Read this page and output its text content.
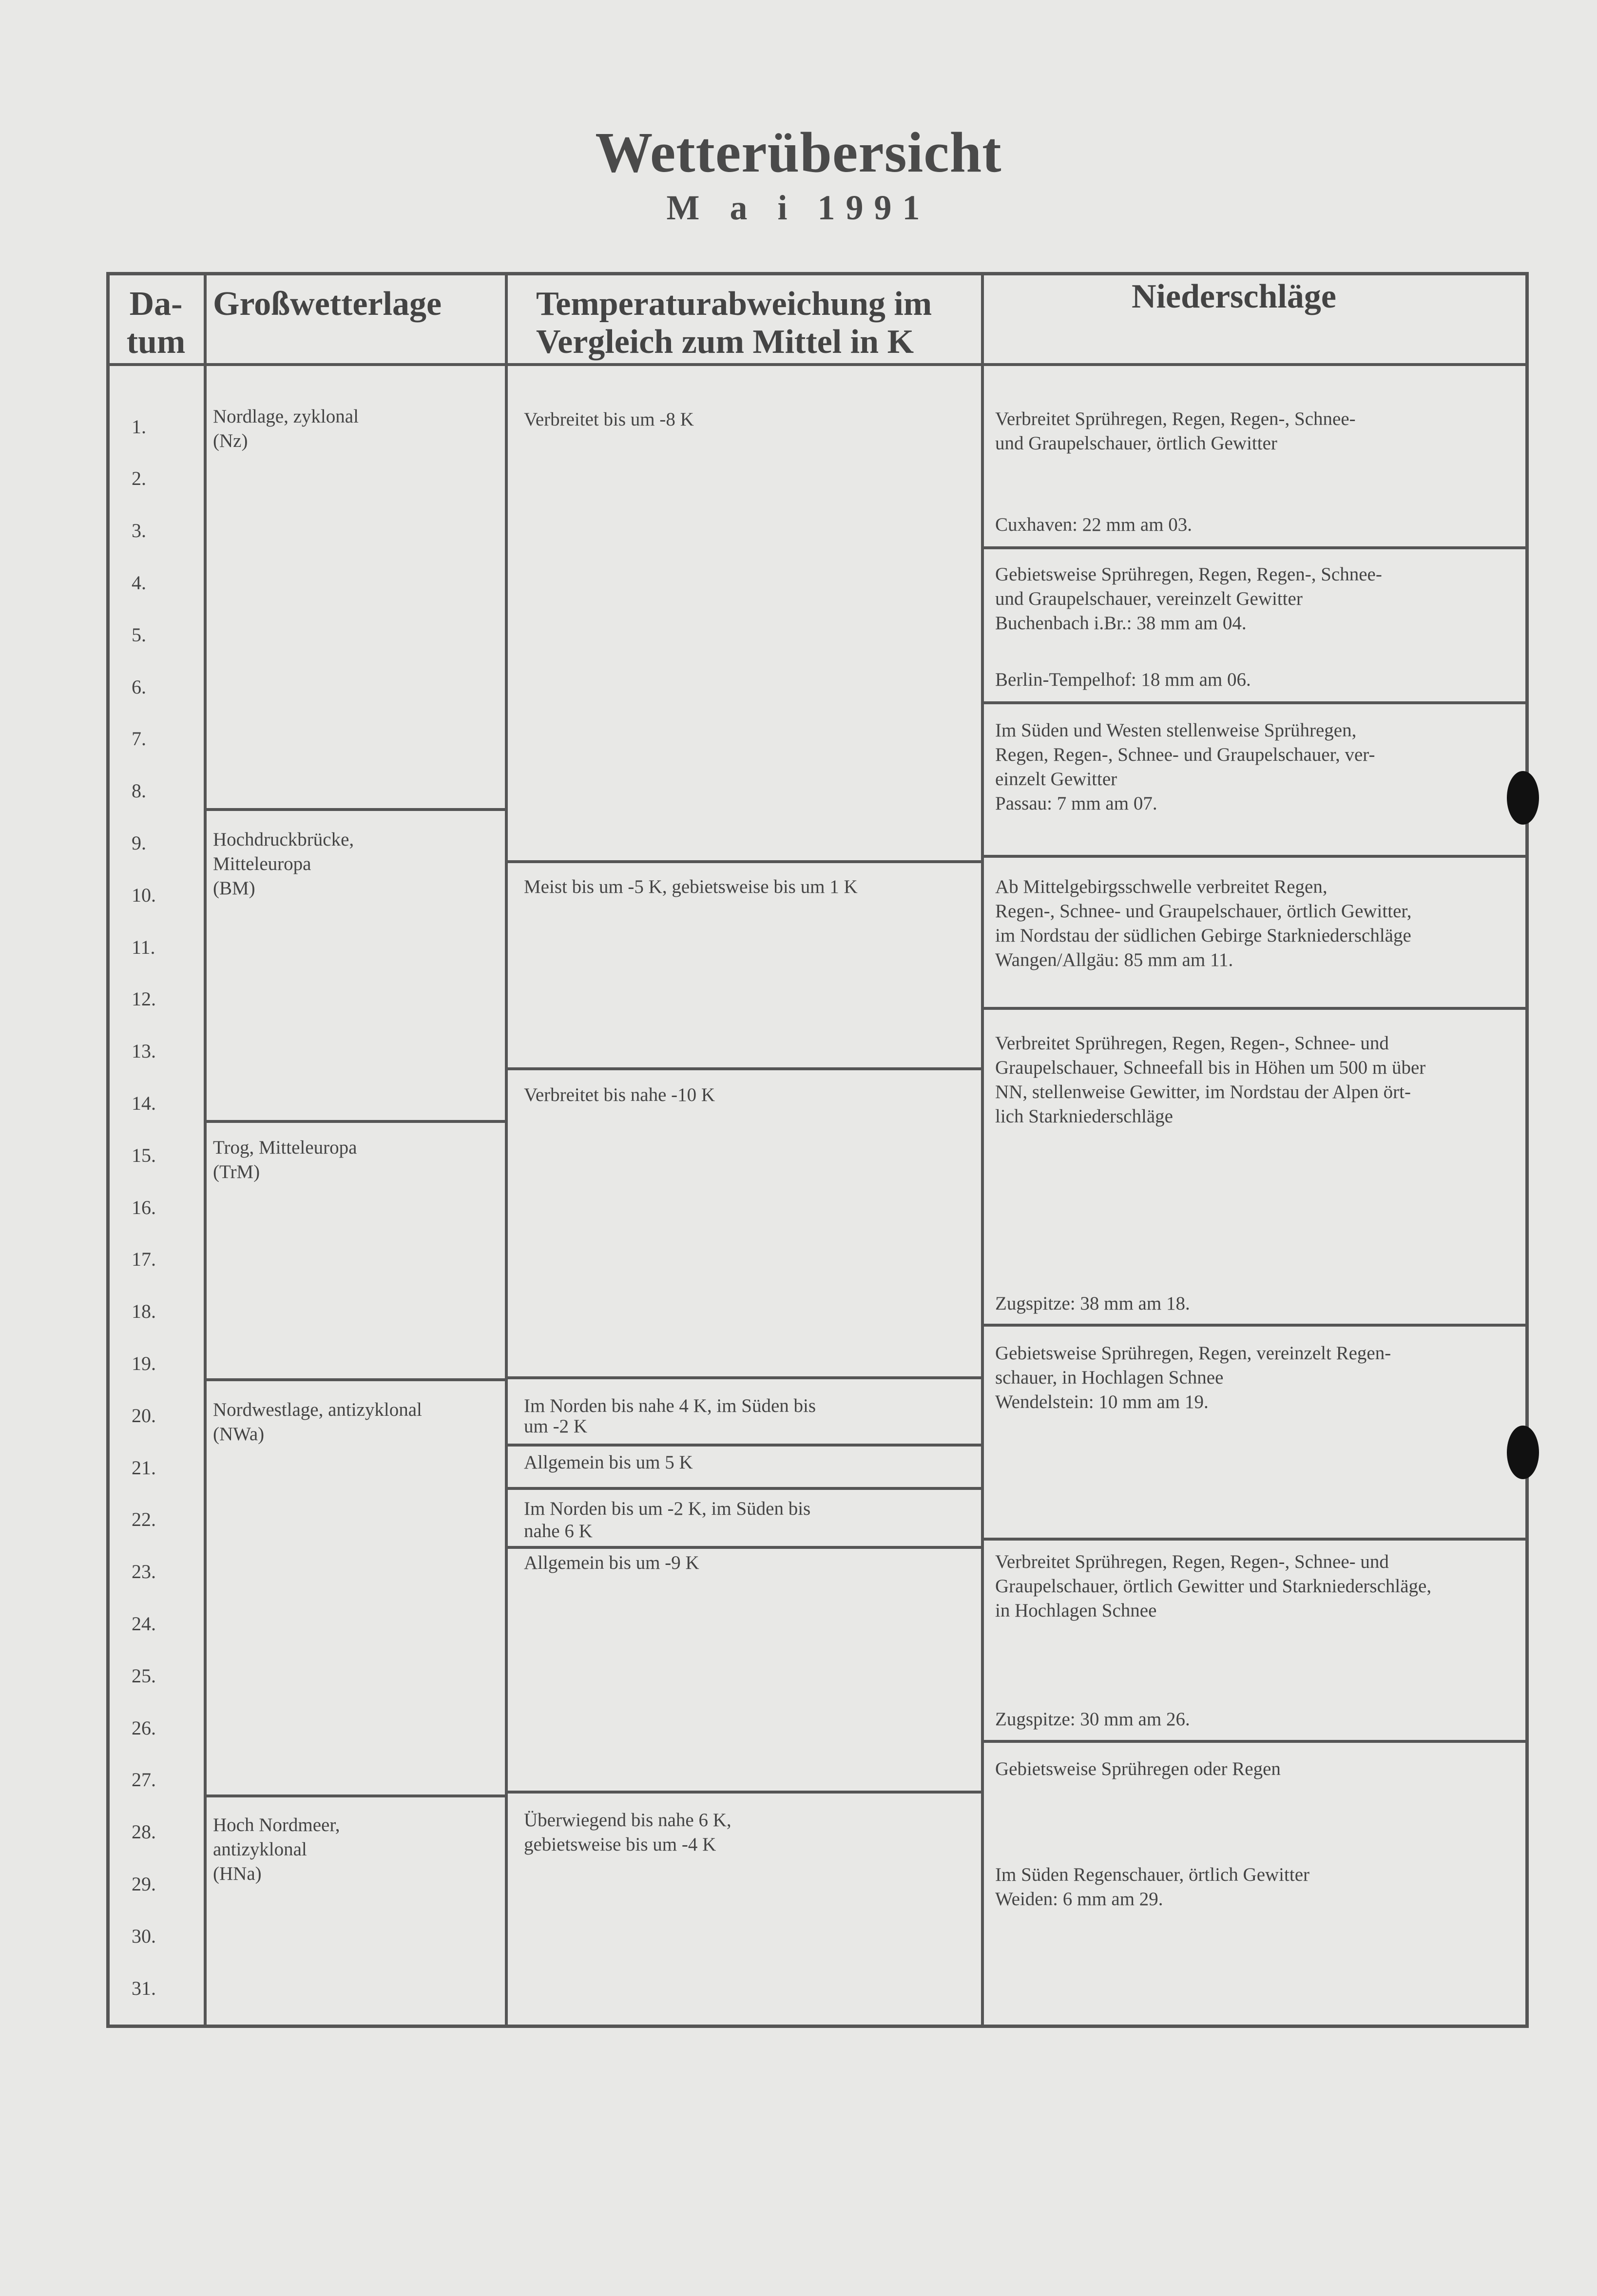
Wetterübersicht
M a i 1991
Da-
tum
Großwetterlage	Temperaturabweichung im
Vergleich zum Mittel in K
Niederschläge
1.
2.
3.
4.
5.
6.
7.
8.
9.
10.
11.
12.
13.
14.
15.
16.
17.
18.
19.
20.
21.
22.
23.
24.
25.
26.
27.
28.
29.
30.
31.
Nordlage, zyklonal
(Nz)
Hochdruckbrücke,
Mitteleuropa
(BM)
Trog, Mitteleuropa
(TrM)
Nordwestlage, antizyklonal
(NWa)
Hoch Nordmeer,
antizyklonal
(HNa)
Verbreitet bis um -8 K
Meist bis um -5 K, gebietsweise bis um 1 K
Verbreitet bis nahe -10 K
Im Norden bis nahe 4 K, im Süden bis
um -2 K
Allgemein bis um 5 K
Im Norden bis um -2 K, im Süden bis
nahe 6 K
Allgemein bis um -9 K
Überwiegend bis nahe 6 K,
gebietsweise bis um -4 K
Verbreitet Sprühregen, Regen, Regen-, Schnee-
und Graupelschauer, örtlich Gewitter
Cuxhaven: 22 mm am 03.
Gebietsweise Sprühregen, Regen, Regen-, Schnee-
und Graupelschauer, vereinzelt Gewitter
Buchenbach i.Br.: 38 mm am 04.
Berlin-Tempelhof: 18 mm am 06.
Im Süden und Westen stellenweise Sprühregen,
Regen, Regen-, Schnee- und Graupelschauer, ver-
einzelt Gewitter
Passau: 7 mm am 07.
Ab Mittelgebirgsschwelle verbreitet Regen,
Regen-, Schnee- und Graupelschauer, örtlich Gewitter,
im Nordstau der südlichen Gebirge Starkniederschläge
Wangen/Allgäu: 85 mm am 11.
Verbreitet Sprühregen, Regen, Regen-, Schnee- und
Graupelschauer, Schneefall bis in Höhen um 500 m über
NN, stellenweise Gewitter, im Nordstau der Alpen ört-
lich Starkniederschläge
Zugspitze: 38 mm am 18.
Gebietsweise Sprühregen, Regen, vereinzelt Regen-
schauer, in Hochlagen Schnee
Wendelstein: 10 mm am 19.
Verbreitet Sprühregen, Regen, Regen-, Schnee- und
Graupelschauer, örtlich Gewitter und Starkniederschläge,
in Hochlagen Schnee
Zugspitze: 30 mm am 26.
Gebietsweise Sprühregen oder Regen
Im Süden Regenschauer, örtlich Gewitter
Weiden: 6 mm am 29.
